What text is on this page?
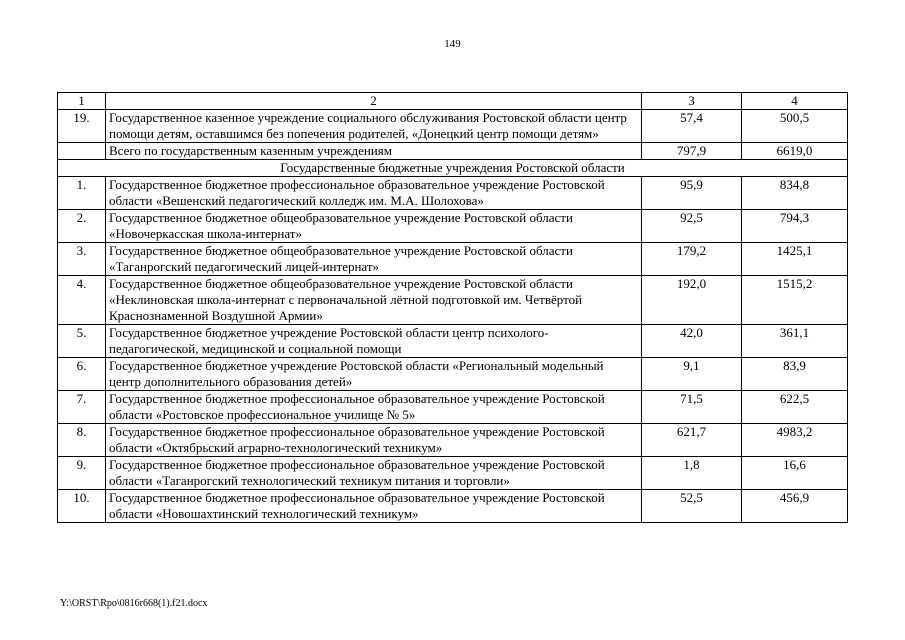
149
1	2	3	4
19.	Государственное казенное учреждение социального обслуживания Ростовской области центр помощи детям, оставшимся без попечения родителей, «Донецкий центр помощи детям»	57,4	500,5
	Всего по государственным казенным учреждениям	797,9	6619,0
Государственные бюджетные учреждения Ростовской области			
1.	Государственное бюджетное профессиональное образовательное учреждение Ростовской области «Вешенский педагогический колледж им. М.А. Шолохова»	95,9	834,8
2.	Государственное бюджетное общеобразовательное учреждение Ростовской области «Новочеркасская школа-интернат»	92,5	794,3
3.	Государственное бюджетное общеобразовательное учреждение Ростовской области «Таганрогский педагогический лицей-интернат»	179,2	1425,1
4.	Государственное бюджетное общеобразовательное учреждение Ростовской области «Неклиновская школа-интернат с первоначальной лётной подготовкой им. Четвёртой Краснознаменной Воздушной Армии»	192,0	1515,2
5.	Государственное бюджетное учреждение Ростовской области центр психолого-педагогической, медицинской и социальной помощи	42,0	361,1
6.	Государственное бюджетное учреждение Ростовской области «Региональный модельный центр дополнительного образования детей»	9,1	83,9
7.	Государственное бюджетное профессиональное образовательное учреждение Ростовской области «Ростовское профессиональное училище № 5»	71,5	622,5
8.	Государственное бюджетное профессиональное образовательное учреждение Ростовской области «Октябрьский аграрно-технологический техникум»	621,7	4983,2
9.	Государственное бюджетное профессиональное образовательное учреждение Ростовской области «Таганрогский технологический техникум питания и торговли»	1,8	16,6
10.	Государственное бюджетное профессиональное образовательное учреждение Ростовской области «Новошахтинский технологический техникум»	52,5	456,9
Y:\ORST\Rpo\0816r668(1).f21.docx
